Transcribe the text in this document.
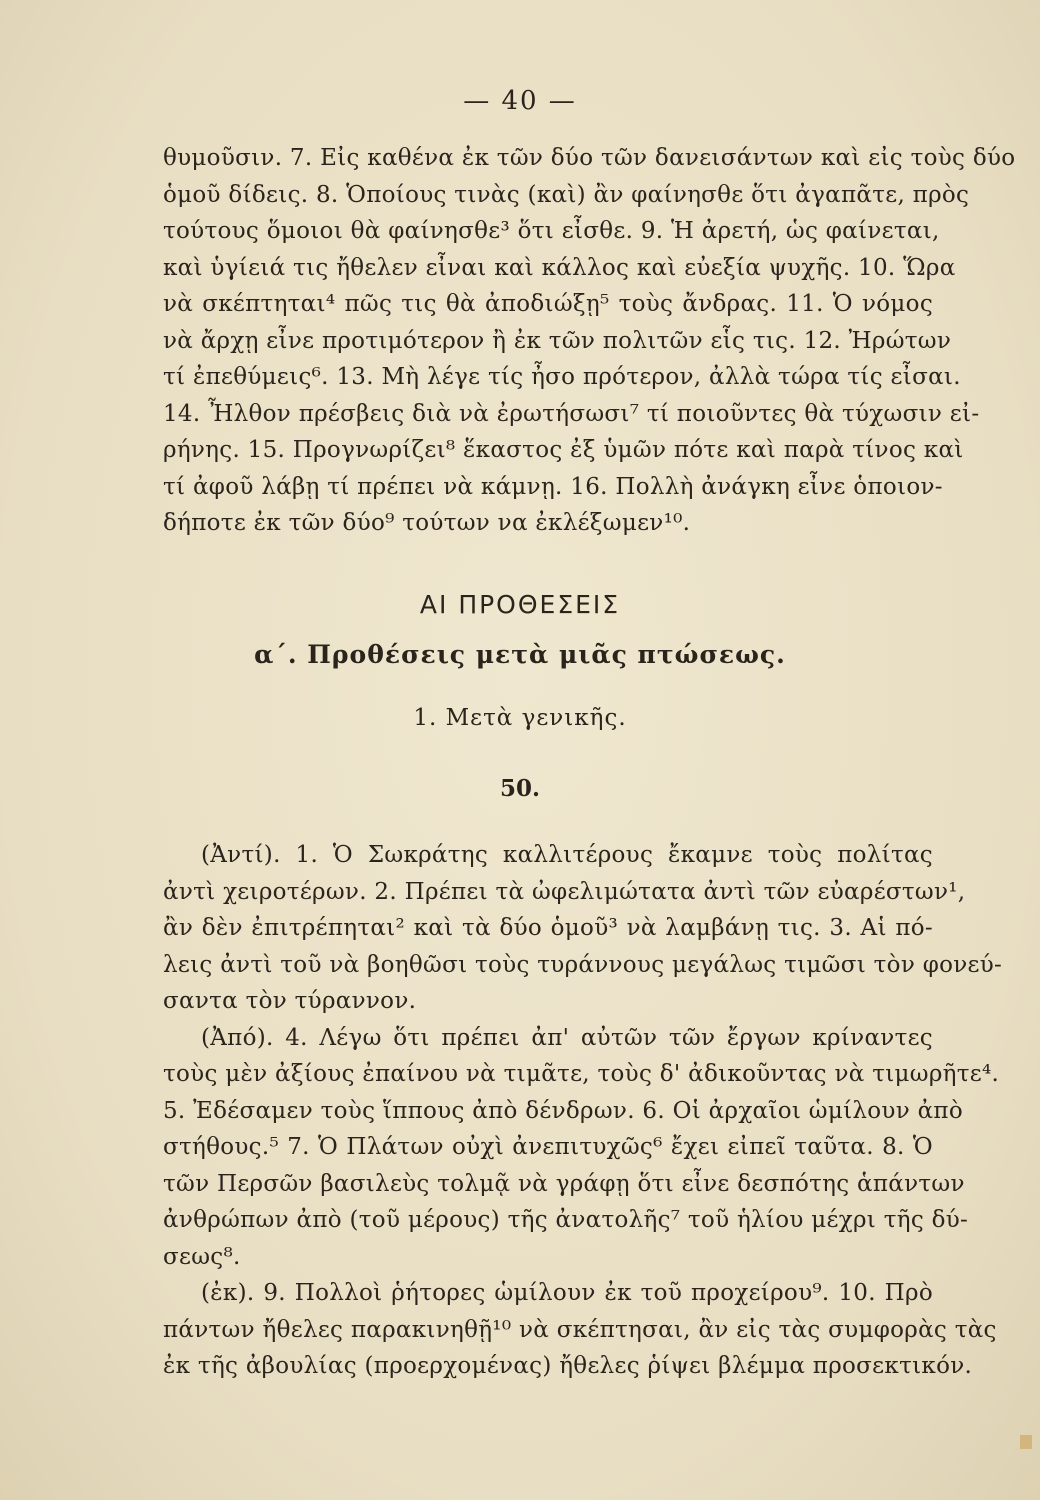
— 40 —
θυμοῦσιν. 7. Εἰς καθένα ἐκ τῶν δύο τῶν δανεισάντων καὶ εἰς τοὺς δύο
ὁμοῦ δίδεις. 8. Ὁποίους τινὰς (καὶ) ἂν φαίνησθε ὅτι ἀγαπᾶτε, πρὸς
τούτους ὅμοιοι θὰ φαίνησθε³ ὅτι εἶσθε. 9. Ἡ ἀρετή, ὡς φαίνεται,
καὶ ὑγίειά τις ἤθελεν εἶναι καὶ κάλλος καὶ εὐεξία ψυχῆς. 10. Ὥρα
νὰ σκέπτηται⁴ πῶς τις θὰ ἀποδιώξῃ⁵ τοὺς ἄνδρας. 11. Ὁ νόμος
νὰ ἄρχῃ εἶνε προτιμότερον ἢ ἐκ τῶν πολιτῶν εἷς τις. 12. Ἠρώτων
τί ἐπεθύμεις⁶. 13. Μὴ λέγε τίς ἦσο πρότερον, ἀλλὰ τώρα τίς εἶσαι.
14. Ἦλθον πρέσβεις διὰ νὰ ἐρωτήσωσι⁷ τί ποιοῦντες θὰ τύχωσιν εἰ-
ρήνης. 15. Προγνωρίζει⁸ ἕκαστος ἐξ ὑμῶν πότε καὶ παρὰ τίνος καὶ
τί ἀφοῦ λάβῃ τί πρέπει νὰ κάμνῃ. 16. Πολλὴ ἀνάγκη εἶνε ὁποιον-
δήποτε ἐκ τῶν δύο⁹ τούτων να ἐκλέξωμεν¹⁰.
ΑΙ ΠΡΟΘΕΣΕΙΣ
α΄. Προθέσεις μετὰ μιᾶς πτώσεως.
1. Μετὰ γενικῆς.
50.
(Ἀντί). 1. Ὁ Σωκράτης καλλιτέρους ἔκαμνε τοὺς πολίτας
ἀντὶ χειροτέρων. 2. Πρέπει τὰ ὠφελιμώτατα ἀντὶ τῶν εὐαρέστων¹,
ἂν δὲν ἐπιτρέπηται² καὶ τὰ δύο ὁμοῦ³ νὰ λαμβάνῃ τις. 3. Αἱ πό-
λεις ἀντὶ τοῦ νὰ βοηθῶσι τοὺς τυράννους μεγάλως τιμῶσι τὸν φονεύ-
σαντα τὸν τύραννον.
(Ἀπό). 4. Λέγω ὅτι πρέπει ἀπ' αὐτῶν τῶν ἔργων κρίναντες
τοὺς μὲν ἀξίους ἐπαίνου νὰ τιμᾶτε, τοὺς δ' ἀδικοῦντας νὰ τιμωρῆτε⁴.
5. Ἐδέσαμεν τοὺς ἵππους ἀπὸ δένδρων. 6. Οἱ ἀρχαῖοι ὡμίλουν ἀπὸ
στήθους.⁵ 7. Ὁ Πλάτων οὐχὶ ἀνεπιτυχῶς⁶ ἔχει εἰπεῖ ταῦτα. 8. Ὁ
τῶν Περσῶν βασιλεὺς τολμᾷ νὰ γράφῃ ὅτι εἶνε δεσπότης ἁπάντων
ἀνθρώπων ἀπὸ (τοῦ μέρους) τῆς ἀνατολῆς⁷ τοῦ ἡλίου μέχρι τῆς δύ-
σεως⁸.
(ἐκ). 9. Πολλοὶ ῥήτορες ὡμίλουν ἐκ τοῦ προχείρου⁹. 10. Πρὸ
πάντων ἤθελες παρακινηθῇ¹⁰ νὰ σκέπτησαι, ἂν εἰς τὰς συμφορὰς τὰς
ἐκ τῆς ἀβουλίας (προερχομένας) ἤθελες ῥίψει βλέμμα προσεκτικόν.
